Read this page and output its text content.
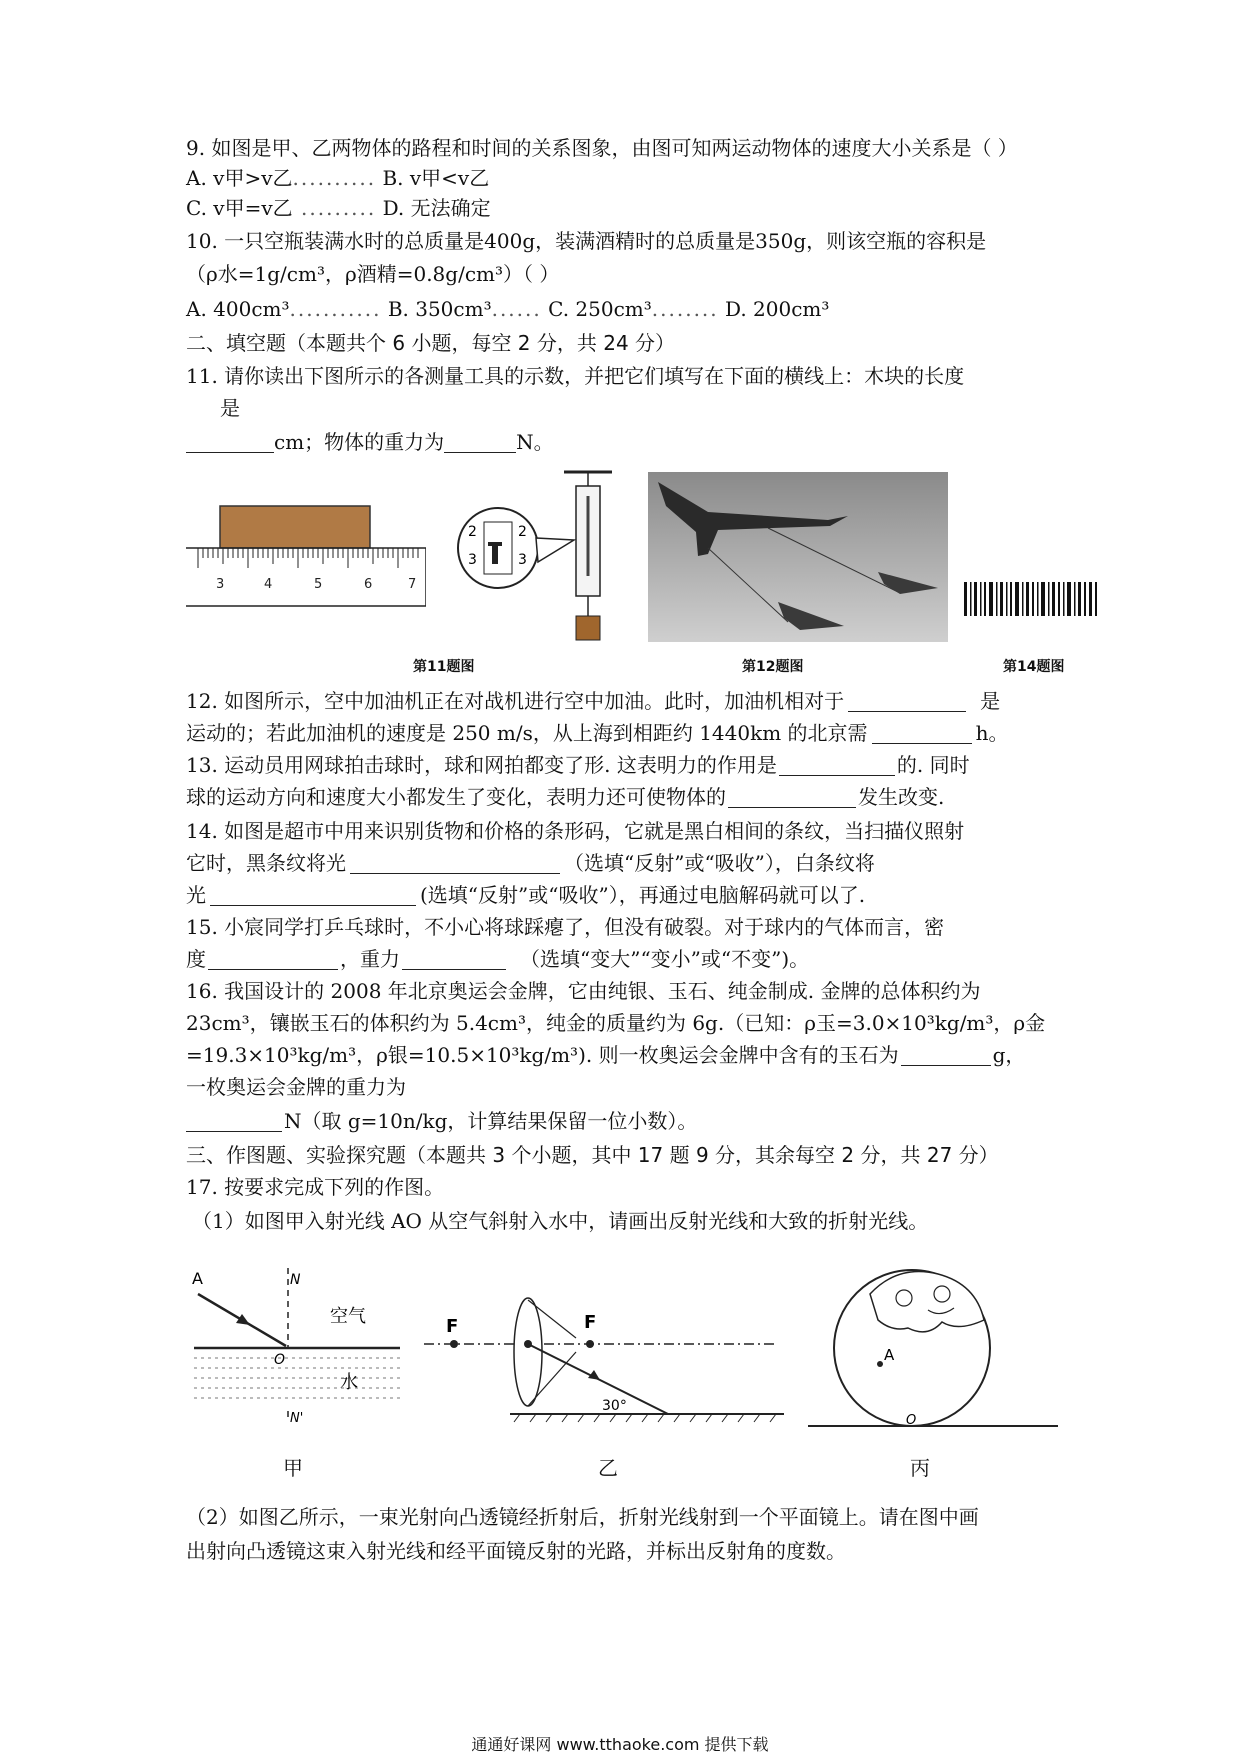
9. 如图是甲、乙两物体的路程和时间的关系图象，由图可知两运动物体的速度大小关系是（ ）
A. v甲>v乙.......... B. v甲<v乙
C. v甲=v乙 ......... D. 无法确定
10. 一只空瓶装满水时的总质量是400g，装满酒精时的总质量是350g，则该空瓶的容积是
（ρ水=1g/cm³，ρ酒精=0.8g/cm³）（ ）
A. 400cm³........... B. 350cm³...... C. 250cm³........ D. 200cm³
二、填空题（本题共个 6 小题，每空 2 分，共 24 分）
11. 请你读出下图所示的各测量工具的示数，并把它们填写在下面的横线上：木块的长度
是
cm；物体的重力为	N。
3	4	5	6	7
2
3
2
3
第11题图	第12题图	第14题图
12. 如图所示，空中加油机正在对战机进行空中加油。此时，加油机相对于	是
运动的；若此加油机的速度是 250 m/s，从上海到相距约 1440km 的北京需	h。
13. 运动员用网球拍击球时，球和网拍都变了形. 这表明力的作用是	的. 同时
球的运动方向和速度大小都发生了变化，表明力还可使物体的	发生改变.
14. 如图是超市中用来识别货物和价格的条形码，它就是黑白相间的条纹，当扫描仪照射
它时，黑条纹将光	（选填“反射”或“吸收”），白条纹将
光	(选填“反射”或“吸收”），再通过电脑解码就可以了.
15. 小宸同学打乒乓球时，不小心将球踩瘪了，但没有破裂。对于球内的气体而言，密
度	，重力	（选填“变大”“变小”或“不变”)。
16. 我国设计的 2008 年北京奥运会金牌，它由纯银、玉石、纯金制成. 金牌的总体积约为
23cm³，镶嵌玉石的体积约为 5.4cm³，纯金的质量约为 6g.（已知：ρ玉=3.0×10³kg/m³，ρ金
=19.3×10³kg/m³，ρ银=10.5×10³kg/m³). 则一枚奥运会金牌中含有的玉石为	g，
一枚奥运会金牌的重力为
N（取 g=10n/kg，计算结果保留一位小数）。
三、作图题、实验探究题（本题共 3 个小题，其中 17 题 9 分，其余每空 2 分，共 27 分）
17. 按要求完成下列的作图。
（1）如图甲入射光线 AO 从空气斜射入水中，请画出反射光线和大致的折射光线。
A	N
O
N'
空气
水
甲
F	F
30°
乙
A
O
丙
（2）如图乙所示，一束光射向凸透镜经折射后，折射光线射到一个平面镜上。请在图中画
出射向凸透镜这束入射光线和经平面镜反射的光路，并标出反射角的度数。
通通好课网 www.tthaoke.com 提供下载
